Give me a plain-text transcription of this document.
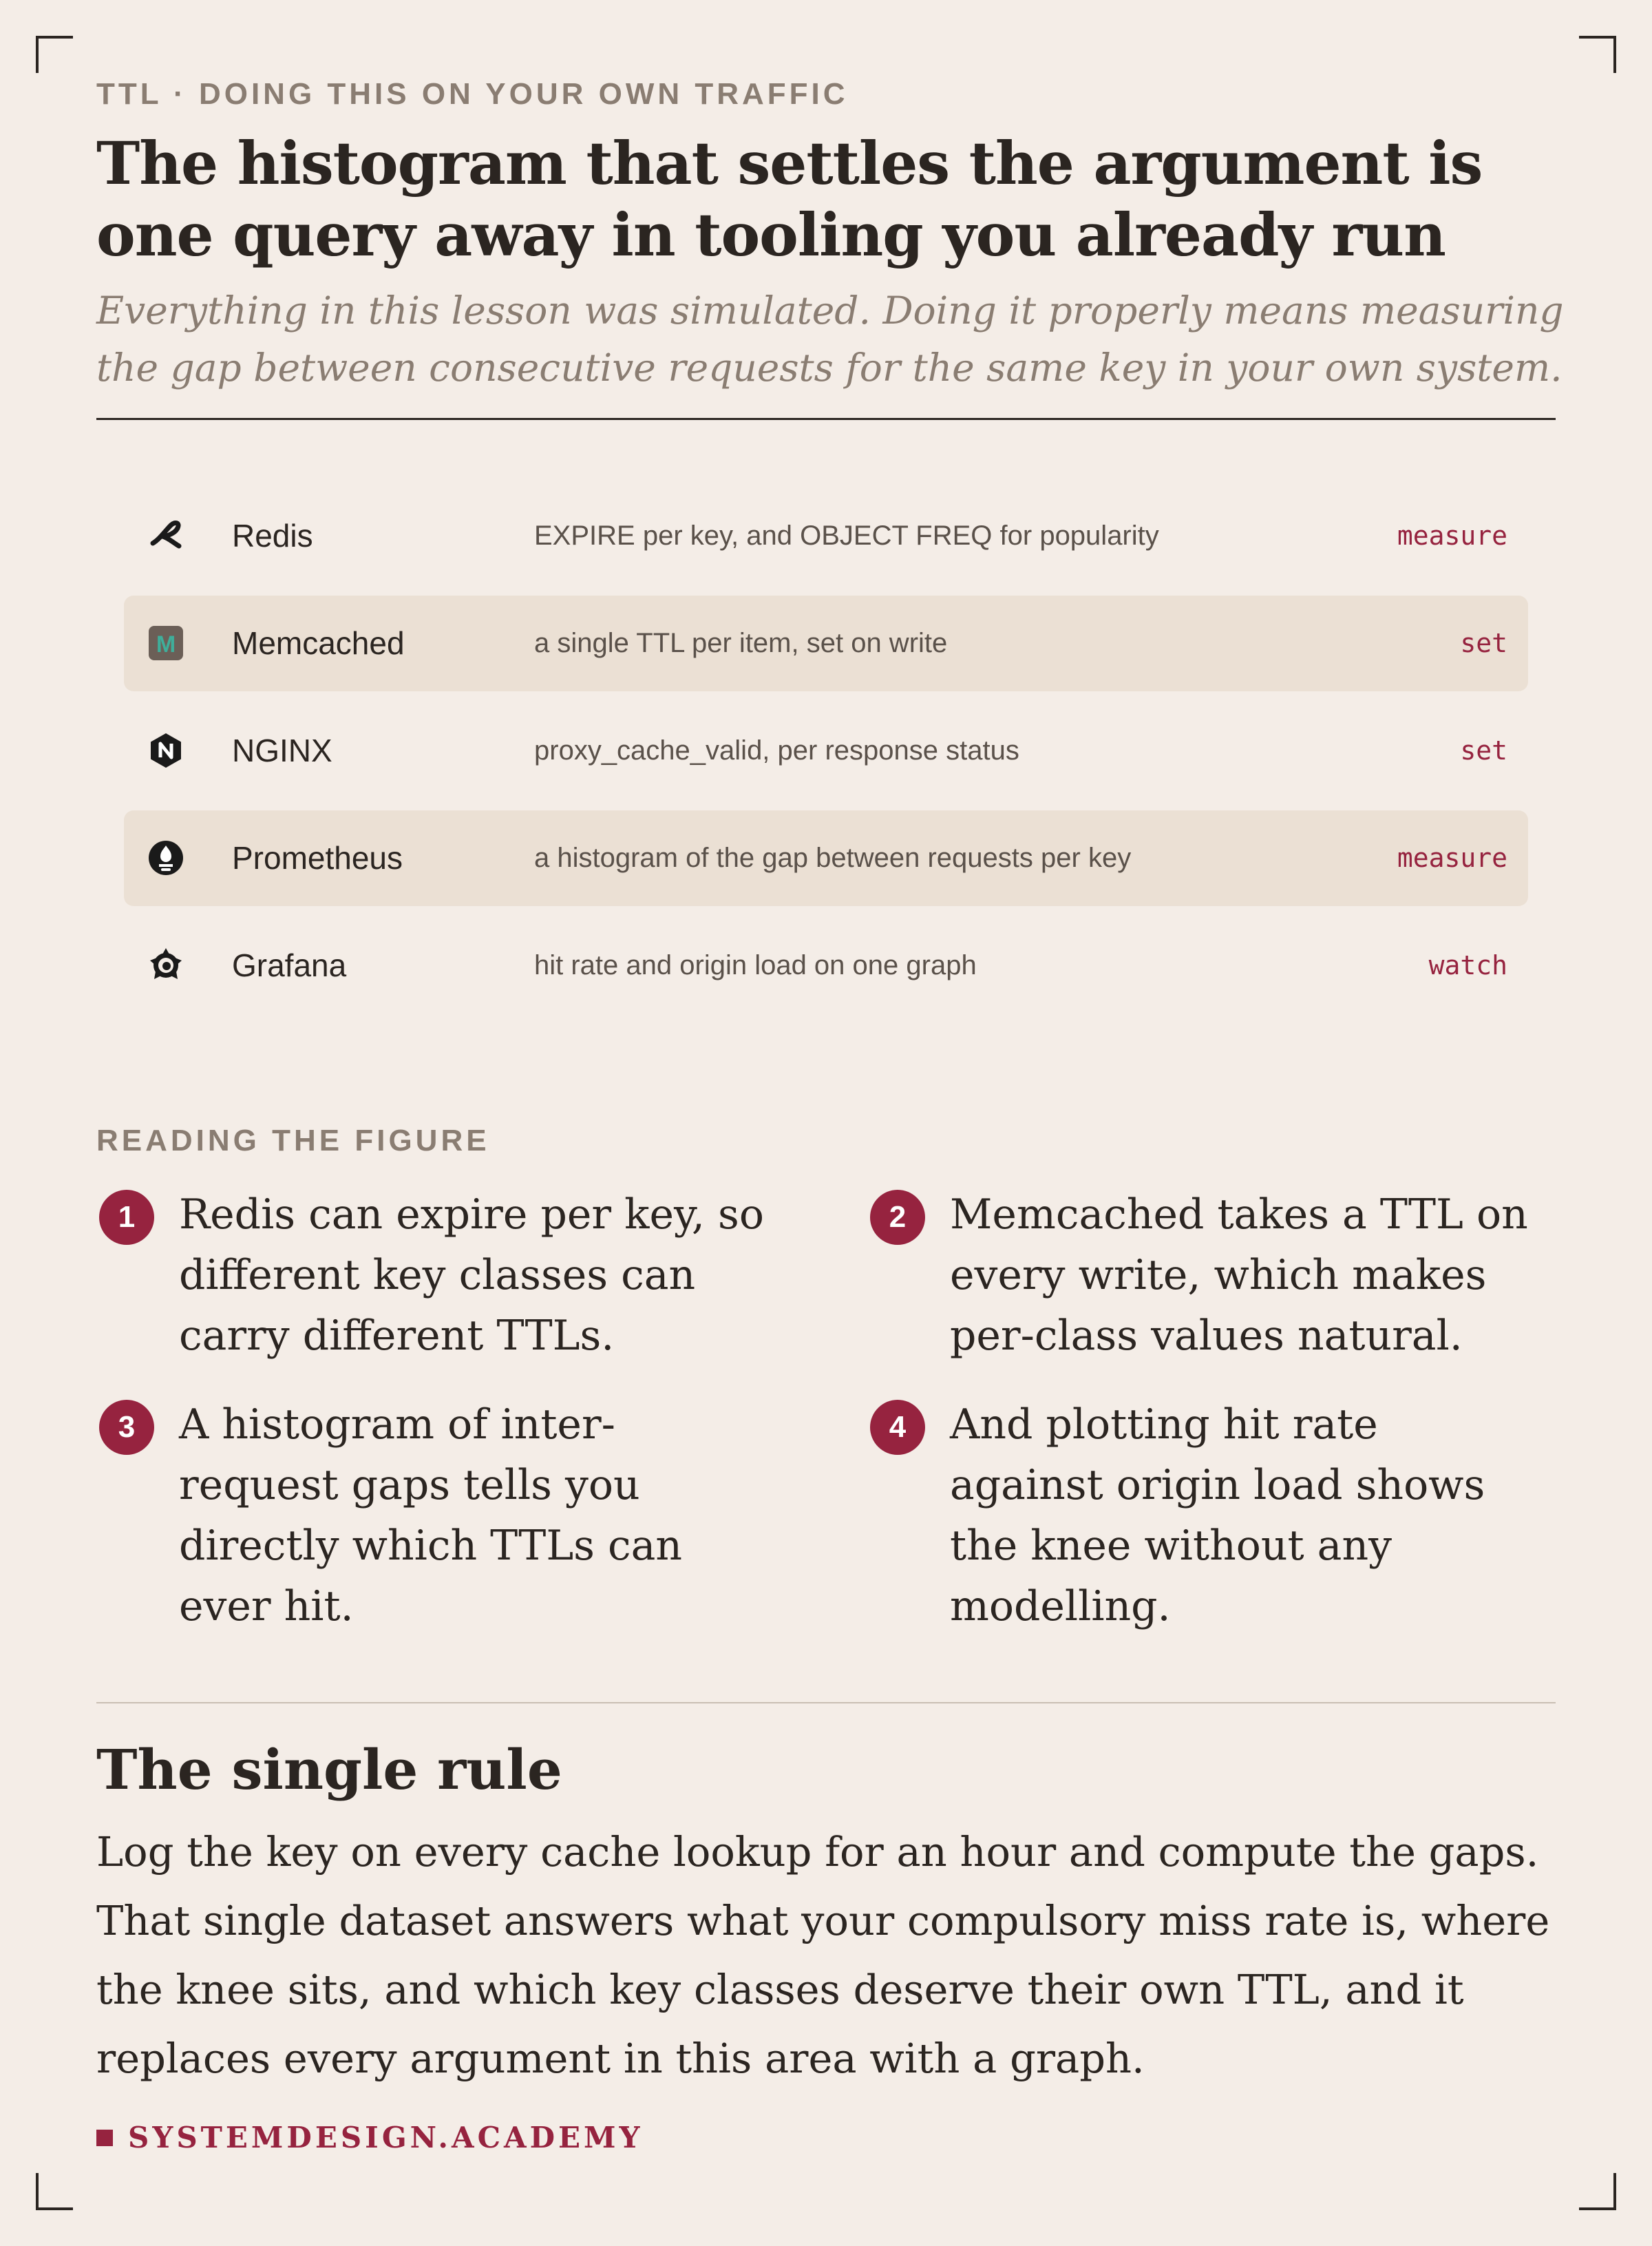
TTL · DOING THIS ON YOUR OWN TRAFFIC
The histogram that settles the argument is one query away in tooling you already run

Everything in this lesson was simulated. Doing it properly means measuring the gap between consecutive requests for the same key in your own system.

Redis	EXPIRE per key, and OBJECT FREQ for popularity	measure
M Memcached	a single TTL per item, set on write	set
NGINX	proxy_cache_valid, per response status	set
Prometheus	a histogram of the gap between requests per key	measure
Grafana	hit rate and origin load on one graph	watch
READING THE FIGURE
1	Redis can expire per key, so different key classes can carry different TTLs.
2	Memcached takes a TTL on every write, which makes per-class values natural.
3	A histogram of inter-request gaps tells you directly which TTLs can ever hit.
4	And plotting hit rate against origin load shows the knee without any modelling.
The single rule

Log the key on every cache lookup for an hour and compute the gaps. That single dataset answers what your compulsory miss rate is, where the knee sits, and which key classes deserve their own TTL, and it replaces every argument in this area with a graph.

SYSTEMDESIGN.ACADEMY
